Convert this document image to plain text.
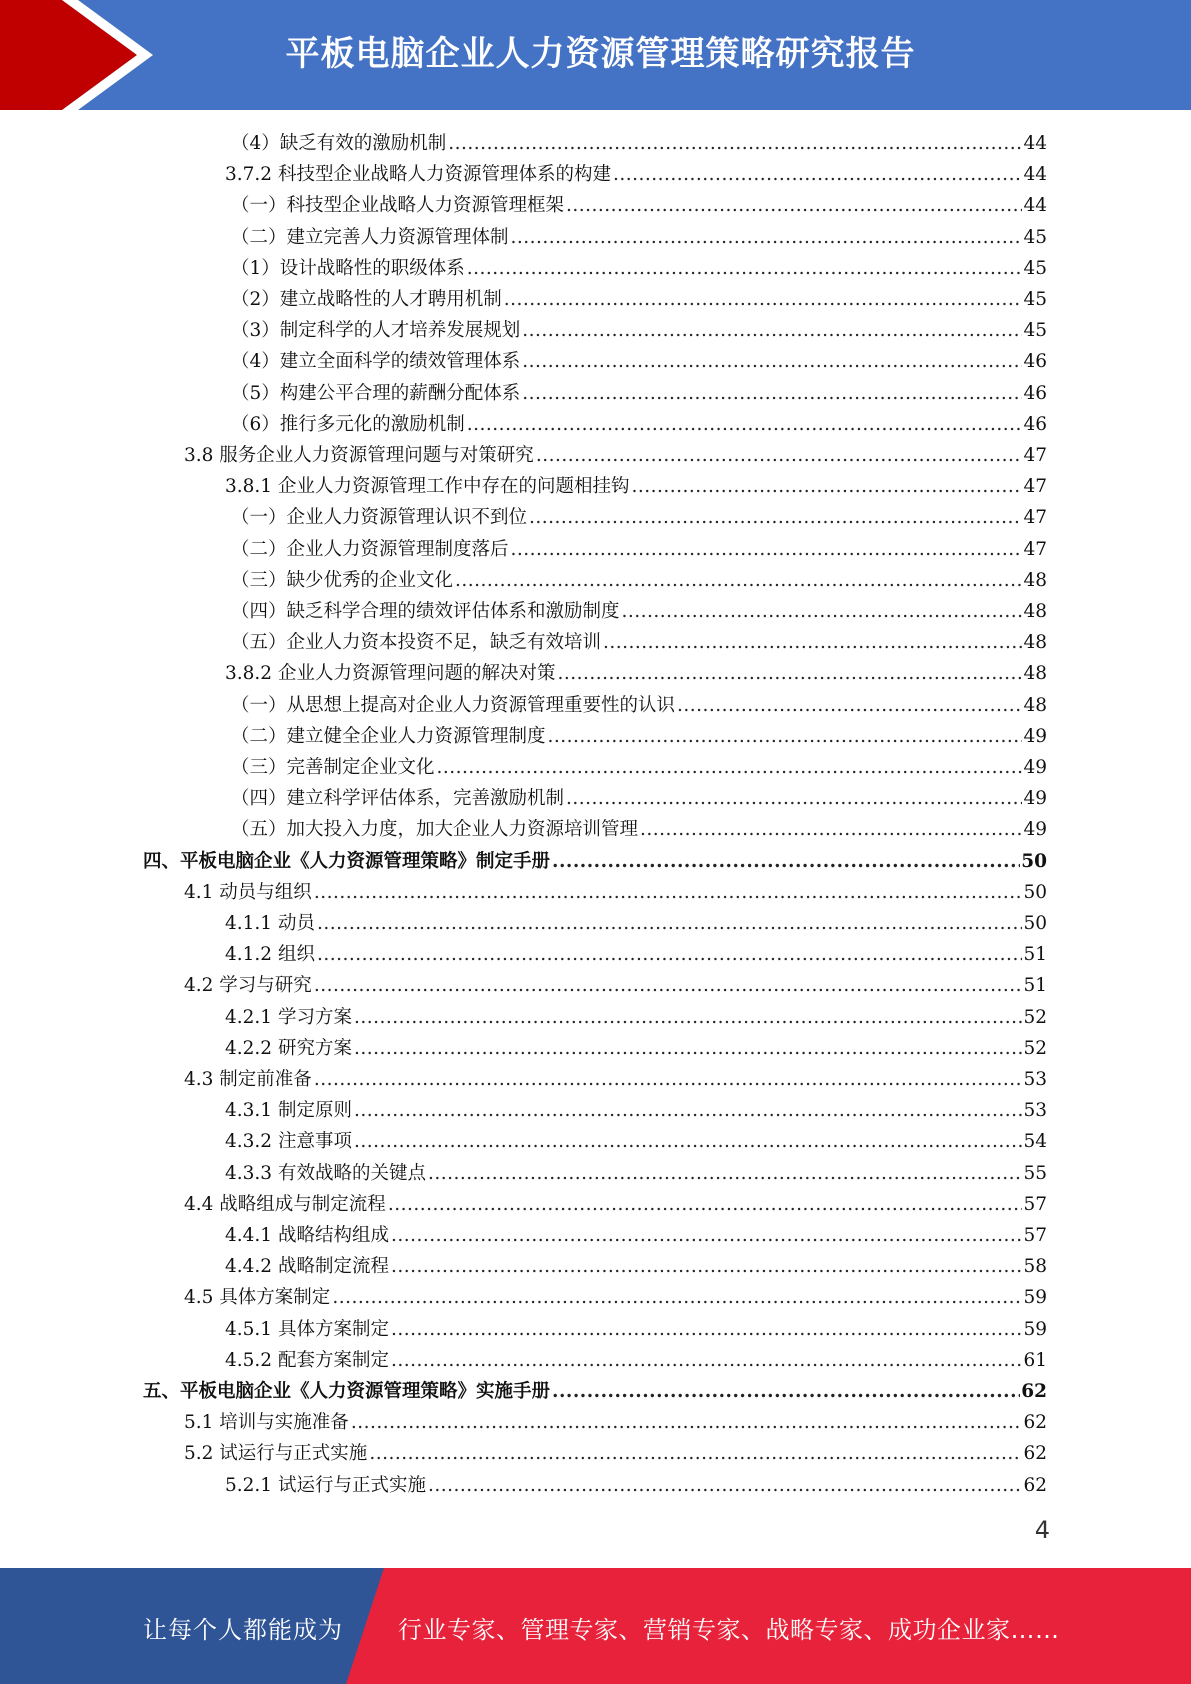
平板电脑企业人力资源管理策略研究报告
（4）缺乏有效的激励机制 .....	44
3.7.2 科技型企业战略人力资源管理体系的构建 .....	44
（一）科技型企业战略人力资源管理框架 .....	44
（二）建立完善人力资源管理体制 .....	45
（1）设计战略性的职级体系 .....	45
（2）建立战略性的人才聘用机制 .....	45
（3）制定科学的人才培养发展规划 .....	45
（4）建立全面科学的绩效管理体系 .....	46
（5）构建公平合理的薪酬分配体系 .....	46
（6）推行多元化的激励机制 .....	46
3.8 服务企业人力资源管理问题与对策研究 .....	47
3.8.1 企业人力资源管理工作中存在的问题相挂钩 .....	47
（一）企业人力资源管理认识不到位 .....	47
（二）企业人力资源管理制度落后 .....	47
（三）缺少优秀的企业文化 .....	48
（四）缺乏科学合理的绩效评估体系和激励制度 .....	48
（五）企业人力资本投资不足，缺乏有效培训 .....	48
3.8.2 企业人力资源管理问题的解决对策 .....	48
（一）从思想上提高对企业人力资源管理重要性的认识 .....	48
（二）建立健全企业人力资源管理制度 .....	49
（三）完善制定企业文化 .....	49
（四）建立科学评估体系，完善激励机制 .....	49
（五）加大投入力度，加大企业人力资源培训管理 .....	49
四、平板电脑企业《人力资源管理策略》制定手册 .....	50
4.1 动员与组织 .....	50
4.1.1 动员 .....	50
4.1.2 组织 .....	51
4.2 学习与研究 .....	51
4.2.1 学习方案 .....	52
4.2.2 研究方案 .....	52
4.3 制定前准备 .....	53
4.3.1 制定原则 .....	53
4.3.2 注意事项 .....	54
4.3.3 有效战略的关键点 .....	55
4.4 战略组成与制定流程 .....	57
4.4.1 战略结构组成 .....	57
4.4.2 战略制定流程 .....	58
4.5 具体方案制定 .....	59
4.5.1 具体方案制定 .....	59
4.5.2 配套方案制定 .....	61
五、平板电脑企业《人力资源管理策略》实施手册 .....	62
5.1 培训与实施准备 .....	62
5.2 试运行与正式实施 .....	62
5.2.1 试运行与正式实施 .....	62
4
让每个人都能成为 行业专家、管理专家、营销专家、战略专家、成功企业家……
